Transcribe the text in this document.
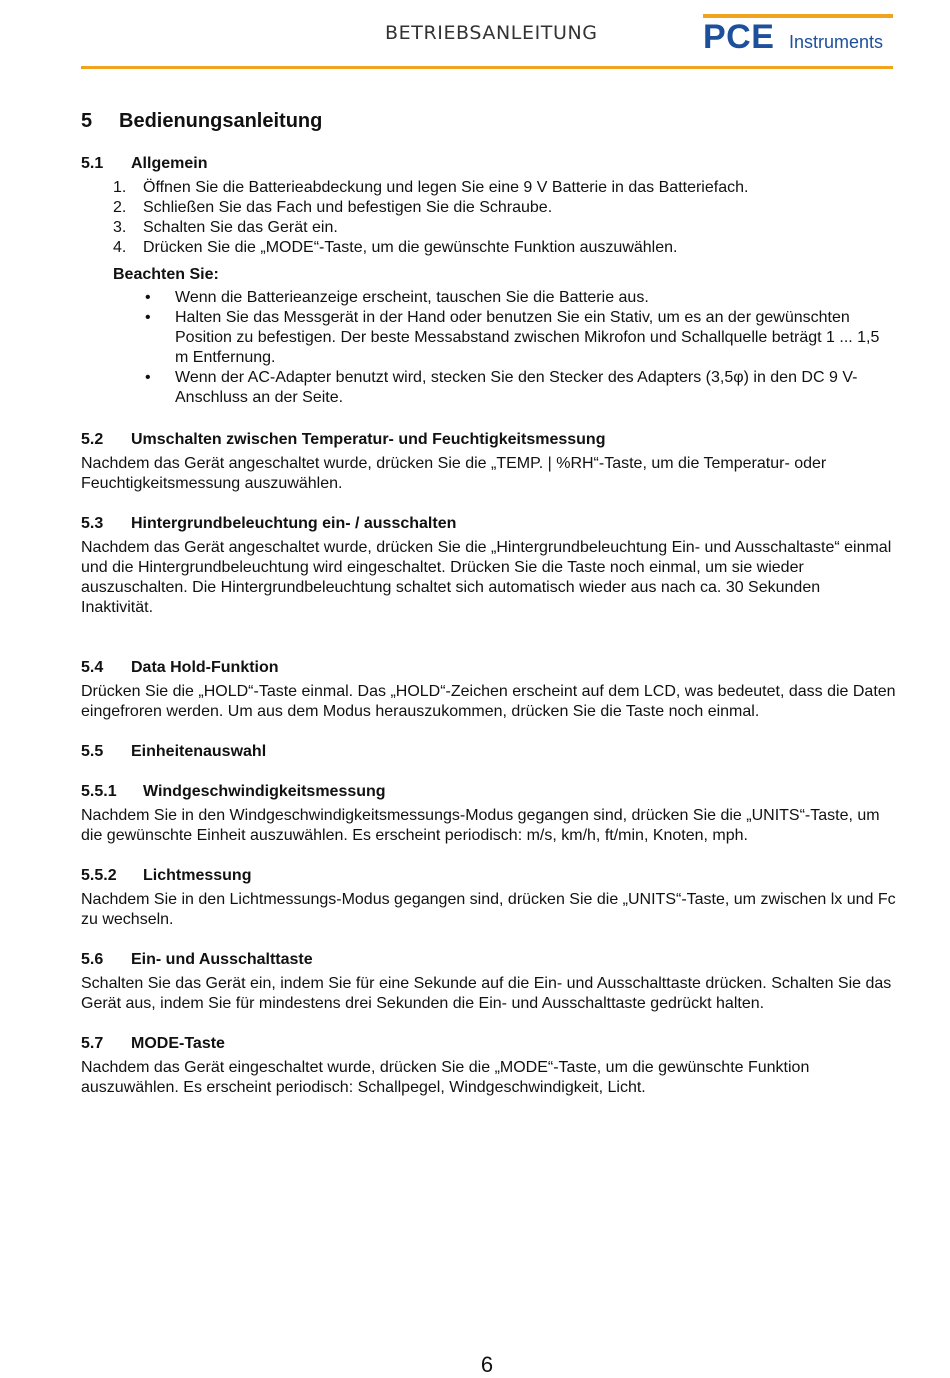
BETRIEBSANLEITUNG	PCE Instruments
5 Bedienungsanleitung
5.1 Allgemein
1. Öffnen Sie die Batterieabdeckung und legen Sie eine 9 V Batterie in das Batteriefach.
2. Schließen Sie das Fach und befestigen Sie die Schraube.
3. Schalten Sie das Gerät ein.
4. Drücken Sie die „MODE“-Taste, um die gewünschte Funktion auszuwählen.
Beachten Sie:
• Wenn die Batterieanzeige erscheint, tauschen Sie die Batterie aus.
• Halten Sie das Messgerät in der Hand oder benutzen Sie ein Stativ, um es an der gewünschten Position zu befestigen. Der beste Messabstand zwischen Mikrofon und Schallquelle beträgt 1 ... 1,5 m Entfernung.
• Wenn der AC-Adapter benutzt wird, stecken Sie den Stecker des Adapters (3,5φ) in den DC 9 V-Anschluss an der Seite.
5.2 Umschalten zwischen Temperatur- und Feuchtigkeitsmessung

Nachdem das Gerät angeschaltet wurde, drücken Sie die „TEMP. | %RH“-Taste, um die Temperatur- oder Feuchtigkeitsmessung auszuwählen.

5.3 Hintergrundbeleuchtung ein- / ausschalten

Nachdem das Gerät angeschaltet wurde, drücken Sie die „Hintergrundbeleuchtung Ein- und Ausschaltaste“ einmal und die Hintergrundbeleuchtung wird eingeschaltet. Drücken Sie die Taste noch einmal, um sie wieder auszuschalten. Die Hintergrundbeleuchtung schaltet sich automatisch wieder aus nach ca. 30 Sekunden Inaktivität.

5.4 Data Hold-Funktion

Drücken Sie die „HOLD“-Taste einmal. Das „HOLD“-Zeichen erscheint auf dem LCD, was bedeutet, dass die Daten eingefroren werden. Um aus dem Modus herauszukommen, drücken Sie die Taste noch einmal.

5.5 Einheitenauswahl
5.5.1 Windgeschwindigkeitsmessung

Nachdem Sie in den Windgeschwindigkeitsmessungs-Modus gegangen sind, drücken Sie die „UNITS“-Taste, um die gewünschte Einheit auszuwählen. Es erscheint periodisch: m/s, km/h, ft/min, Knoten, mph.

5.5.2 Lichtmessung

Nachdem Sie in den Lichtmessungs-Modus gegangen sind, drücken Sie die „UNITS“-Taste, um zwischen lx und Fc zu wechseln.

5.6 Ein- und Ausschalttaste

Schalten Sie das Gerät ein, indem Sie für eine Sekunde auf die Ein- und Ausschalttaste drücken. Schalten Sie das Gerät aus, indem Sie für mindestens drei Sekunden die Ein- und Ausschalttaste gedrückt halten.

5.7 MODE-Taste

Nachdem das Gerät eingeschaltet wurde, drücken Sie die „MODE“-Taste, um die gewünschte Funktion auszuwählen. Es erscheint periodisch: Schallpegel, Windgeschwindigkeit, Licht.

6
